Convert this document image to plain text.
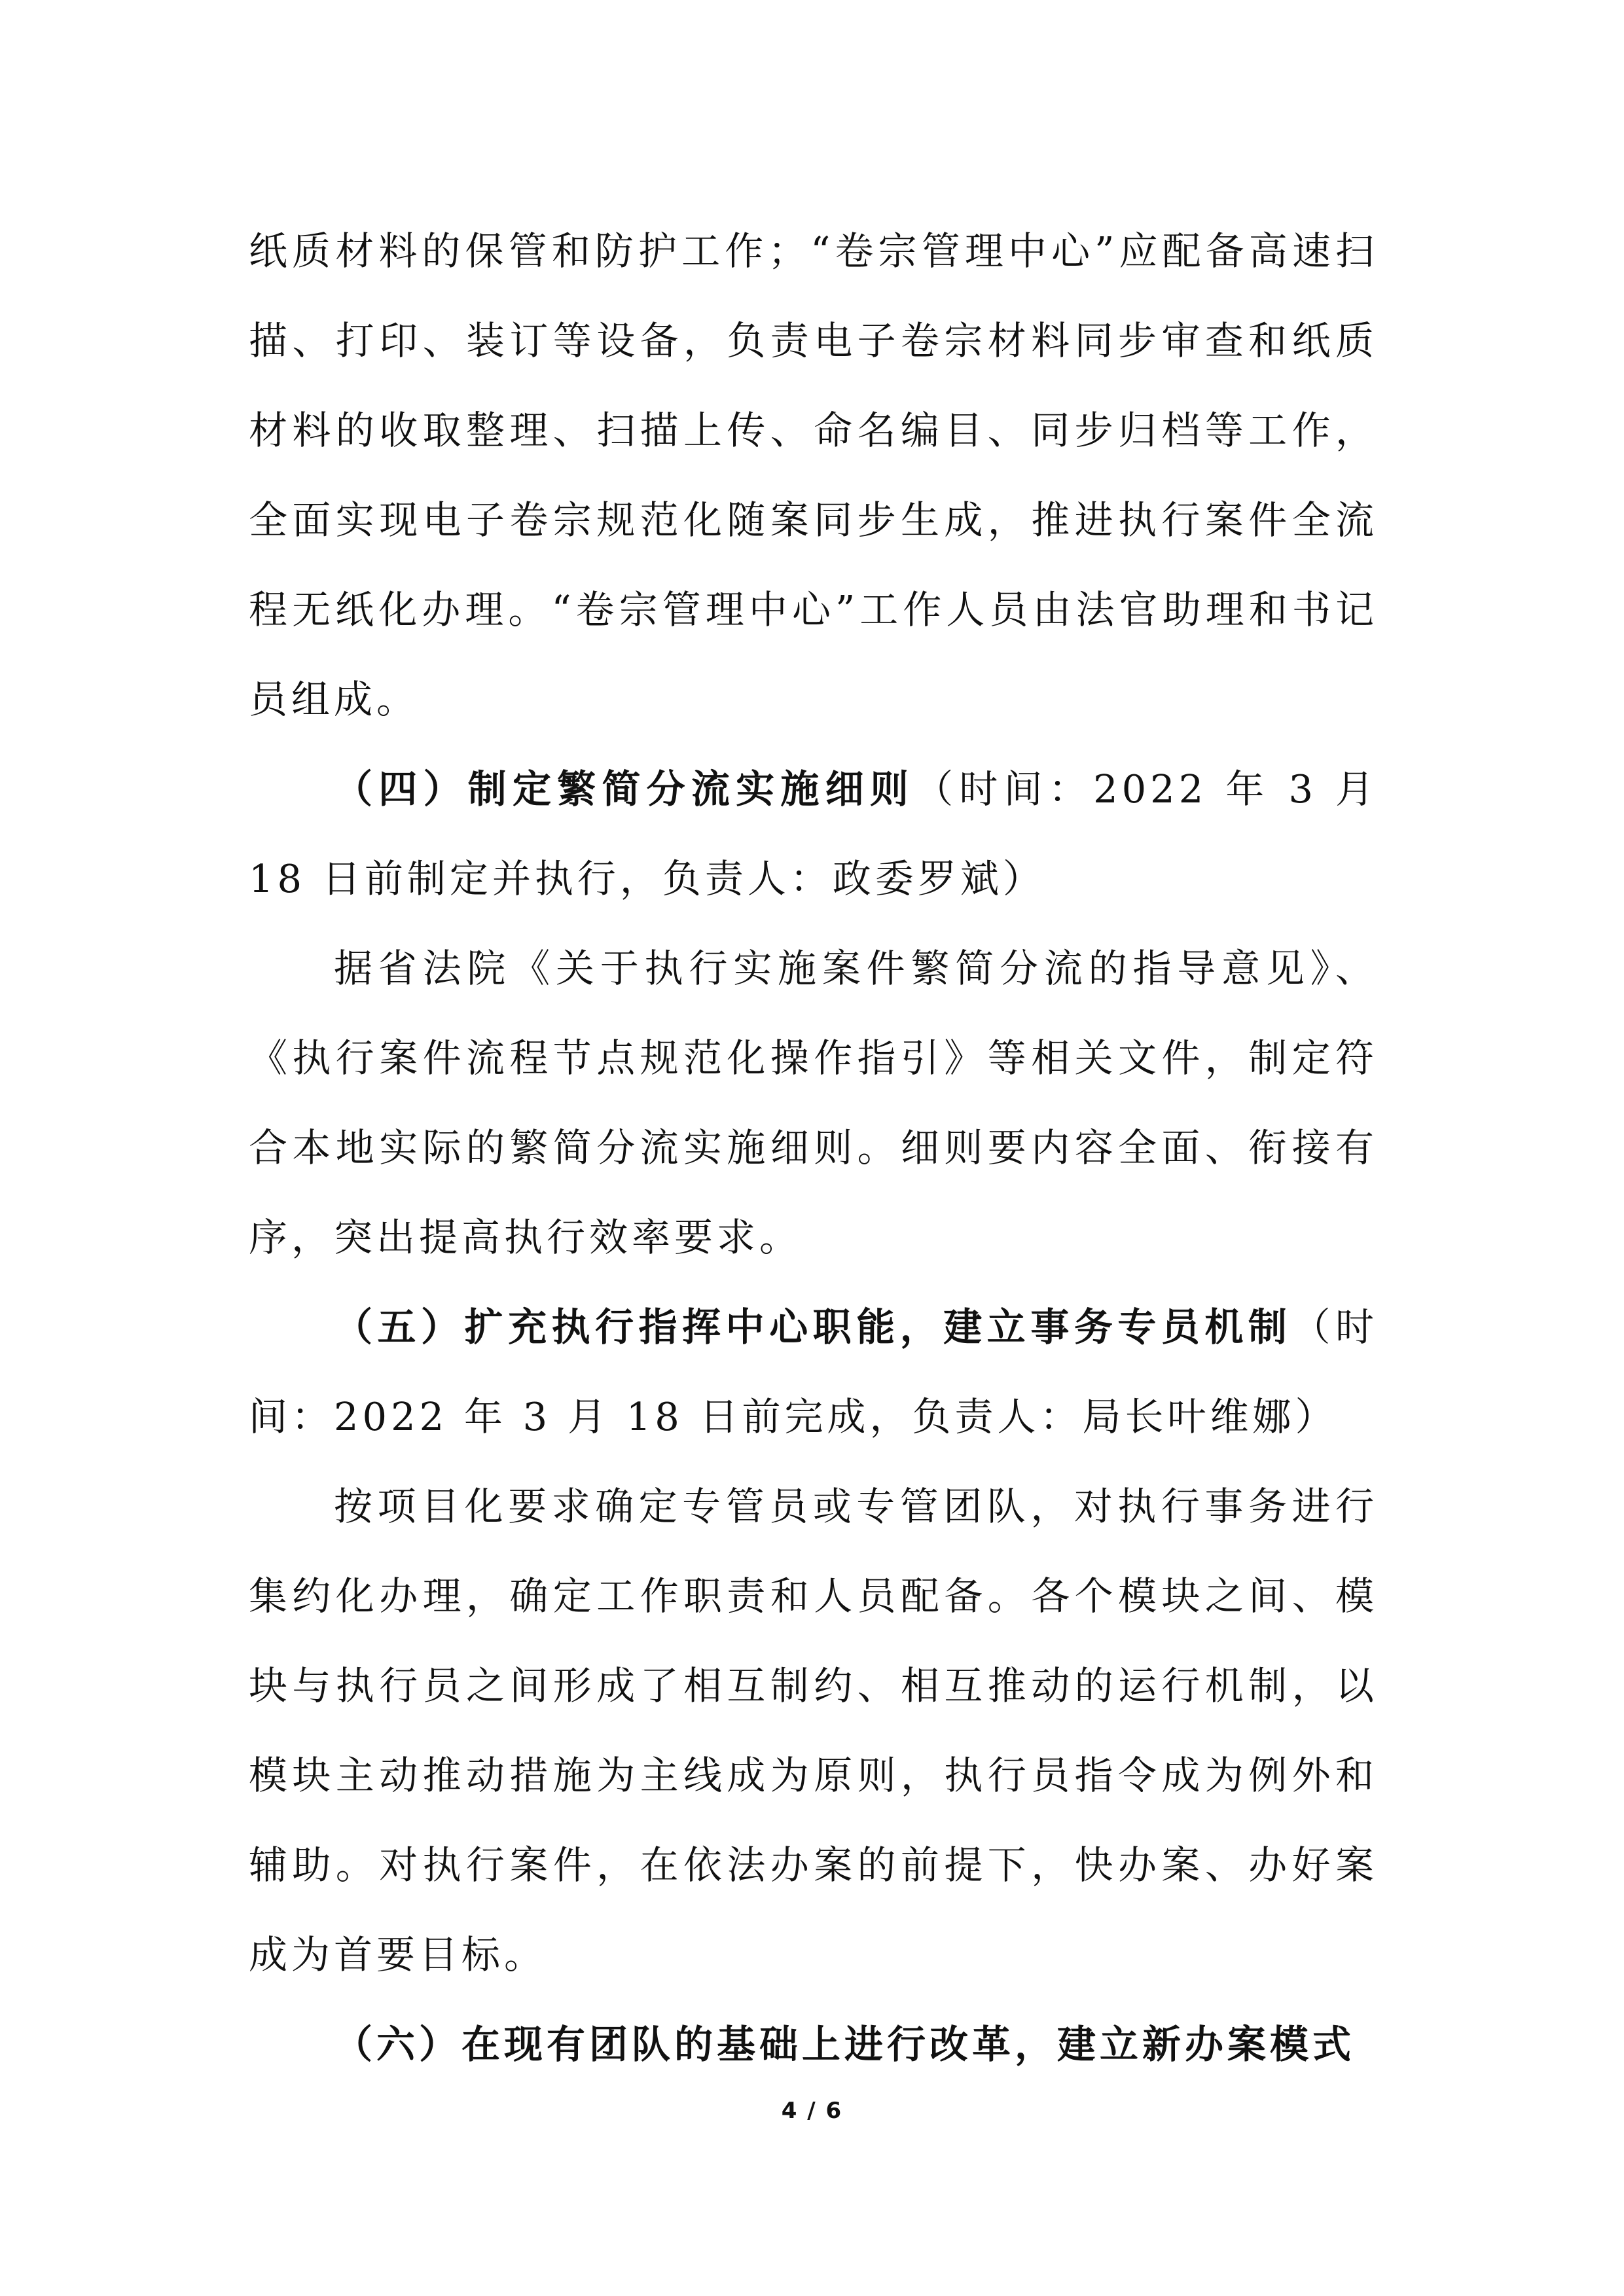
纸质材料的保管和防护工作；“卷宗管理中心”应配备高速扫描、打印、装订等设备，负责电子卷宗材料同步审查和纸质材料的收取整理、扫描上传、命名编目、同步归档等工作，全面实现电子卷宗规范化随案同步生成，推进执行案件全流程无纸化办理。“卷宗管理中心”工作人员由法官助理和书记员组成。

（四）制定繁简分流实施细则（时间：2022 年 3 月 18 日前制定并执行，负责人：政委罗斌）

据省法院《关于执行实施案件繁简分流的指导意见》、《执行案件流程节点规范化操作指引》等相关文件，制定符合本地实际的繁简分流实施细则。细则要内容全面、衔接有序，突出提高执行效率要求。

（五）扩充执行指挥中心职能，建立事务专员机制（时间：2022 年 3 月 18 日前完成，负责人：局长叶维娜）

按项目化要求确定专管员或专管团队，对执行事务进行集约化办理，确定工作职责和人员配备。各个模块之间、模块与执行员之间形成了相互制约、相互推动的运行机制，以模块主动推动措施为主线成为原则，执行员指令成为例外和辅助。对执行案件，在依法办案的前提下，快办案、办好案成为首要目标。

（六）在现有团队的基础上进行改革，建立新办案模式

4 / 6
